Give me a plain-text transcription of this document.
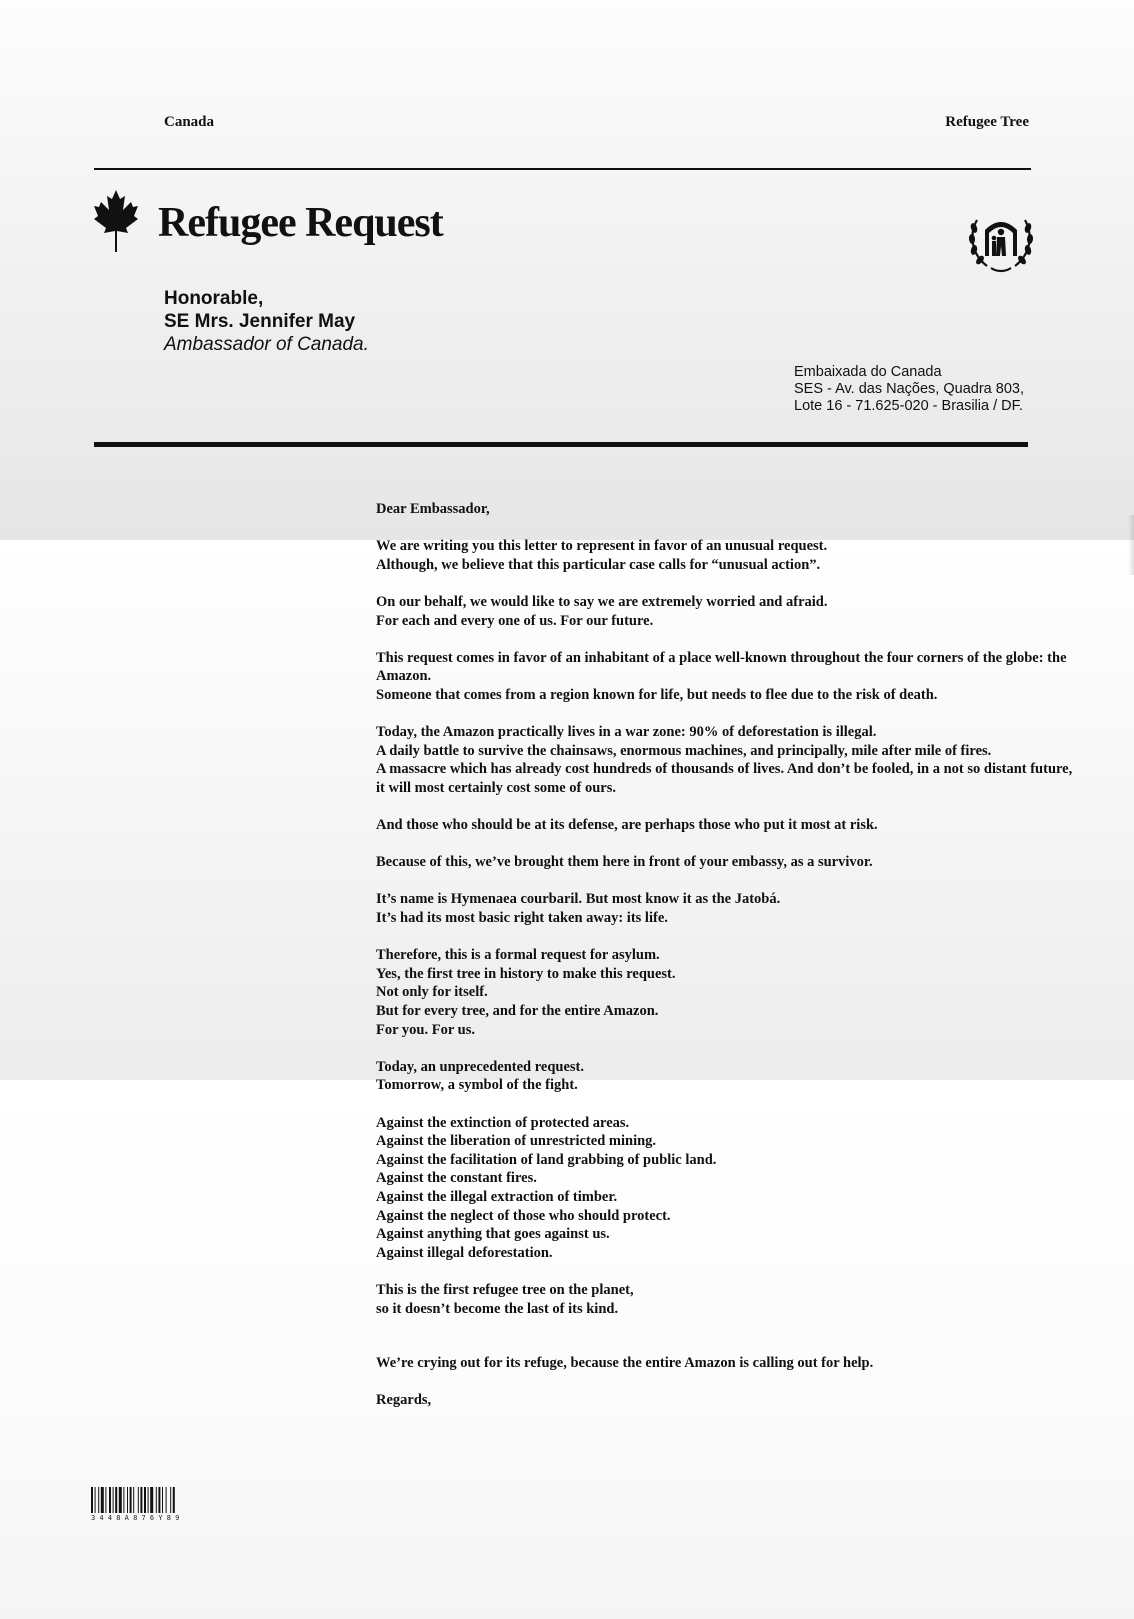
Canada	Refugee Tree
Refugee Request
Honorable,
SE Mrs. Jennifer May
Ambassador of Canada.
Embaixada do Canada
SES - Av. das Nações, Quadra 803,
Lote 16 - 71.625-020 - Brasilia / DF.

Dear Embassador,

We are writing you this letter to represent in favor of an unusual request.
Although, we believe that this particular case calls for “unusual action”.

On our behalf, we would like to say we are extremely worried and afraid.
For each and every one of us. For our future.

This request comes in favor of an inhabitant of a place well-known throughout the four corners of the globe: the Amazon.
Someone that comes from a region known for life, but needs to flee due to the risk of death.

Today, the Amazon practically lives in a war zone: 90% of deforestation is illegal.
A daily battle to survive the chainsaws, enormous machines, and principally, mile after mile of fires.
A massacre which has already cost hundreds of thousands of lives. And don’t be fooled, in a not so distant future, it will most certainly cost some of ours.

And those who should be at its defense, are perhaps those who put it most at risk.

Because of this, we’ve brought them here in front of your embassy, as a survivor.

It’s name is Hymenaea courbaril. But most know it as the Jatobá.
It’s had its most basic right taken away: its life.

Therefore, this is a formal request for asylum.
Yes, the first tree in history to make this request.
Not only for itself.
But for every tree, and for the entire Amazon.
For you. For us.

Today, an unprecedented request.
Tomorrow, a symbol of the fight.

Against the extinction of protected areas.
Against the liberation of unrestricted mining.
Against the facilitation of land grabbing of public land.
Against the constant fires.
Against the illegal extraction of timber.
Against the neglect of those who should protect.
Against anything that goes against us.
Against illegal deforestation.

This is the first refugee tree on the planet,
so it doesn’t become the last of its kind.

We’re crying out for its refuge, because the entire Amazon is calling out for help.

Regards,

3448A876Y89
